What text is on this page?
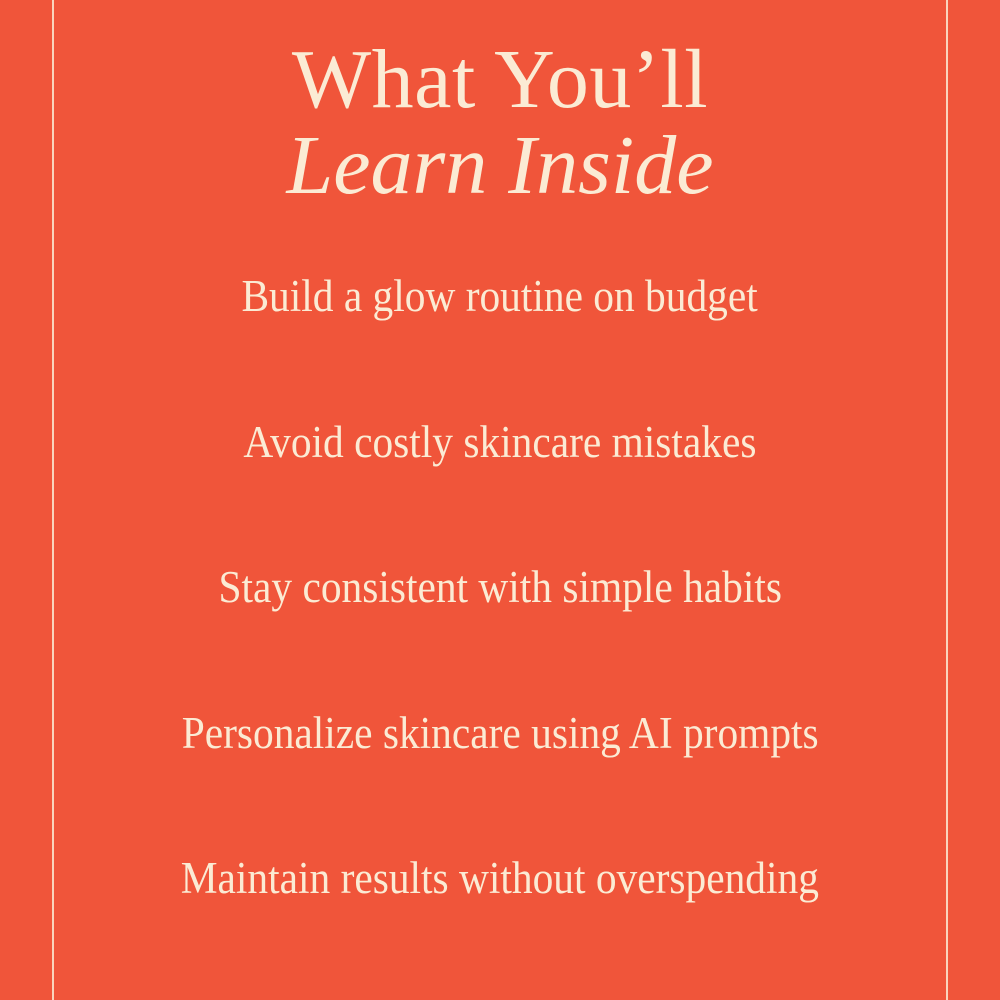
What You’ll
Learn Inside
Build a glow routine on budget
Avoid costly skincare mistakes
Stay consistent with simple habits
Personalize skincare using AI prompts
Maintain results without overspending
